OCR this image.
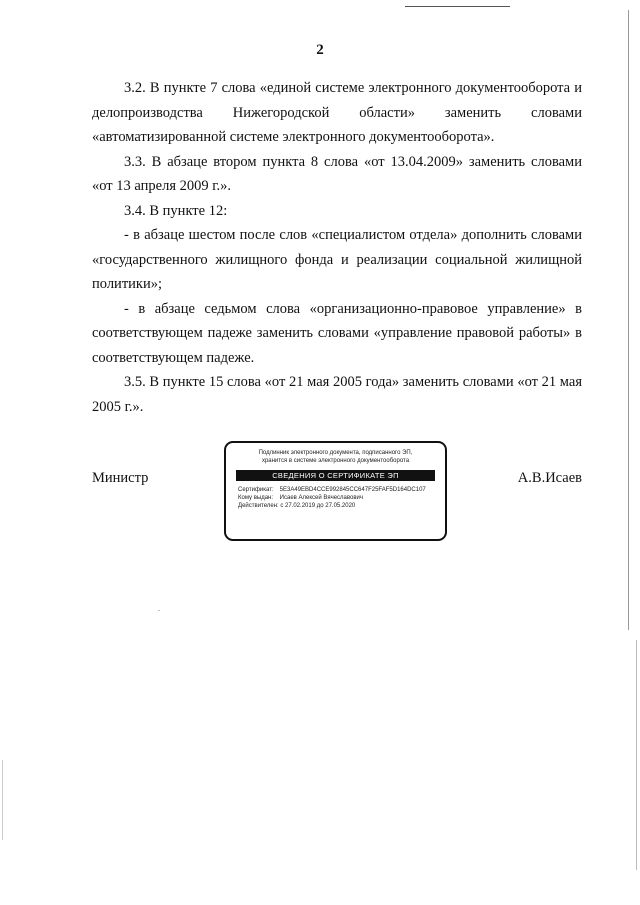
2

3.2. В пункте 7 слова «единой системе электронного документооборота и делопроизводства Нижегородской области» заменить словами «автоматизированной системе электронного документооборота».

3.3. В абзаце втором пункта 8 слова «от 13.04.2009» заменить словами «от 13 апреля 2009 г.».

3.4. В пункте 12:

- в абзаце шестом после слов «специалистом отдела» дополнить словами «государственного жилищного фонда и реализации социальной жилищной политики»;

- в абзаце седьмом слова «организационно-правовое управление» в соответствующем падеже заменить словами «управление правовой работы» в соответствующем падеже.

3.5. В пункте 15 слова «от 21 мая 2005 года» заменить словами «от 21 мая 2005 г.».

Министр	А.В.Исаев
Подлинник электронного документа, подписанного ЭП,
хранится в системе электронного документооборота
СВЕДЕНИЯ О СЕРТИФИКАТЕ ЭП
Сертификат: 5E3A49EBD4CCE992845CC647F25FAF5D164DC107
Кому выдан: Исаев Алексей Вячеславович
Действителен: с 27.02.2019 до 27.05.2020
